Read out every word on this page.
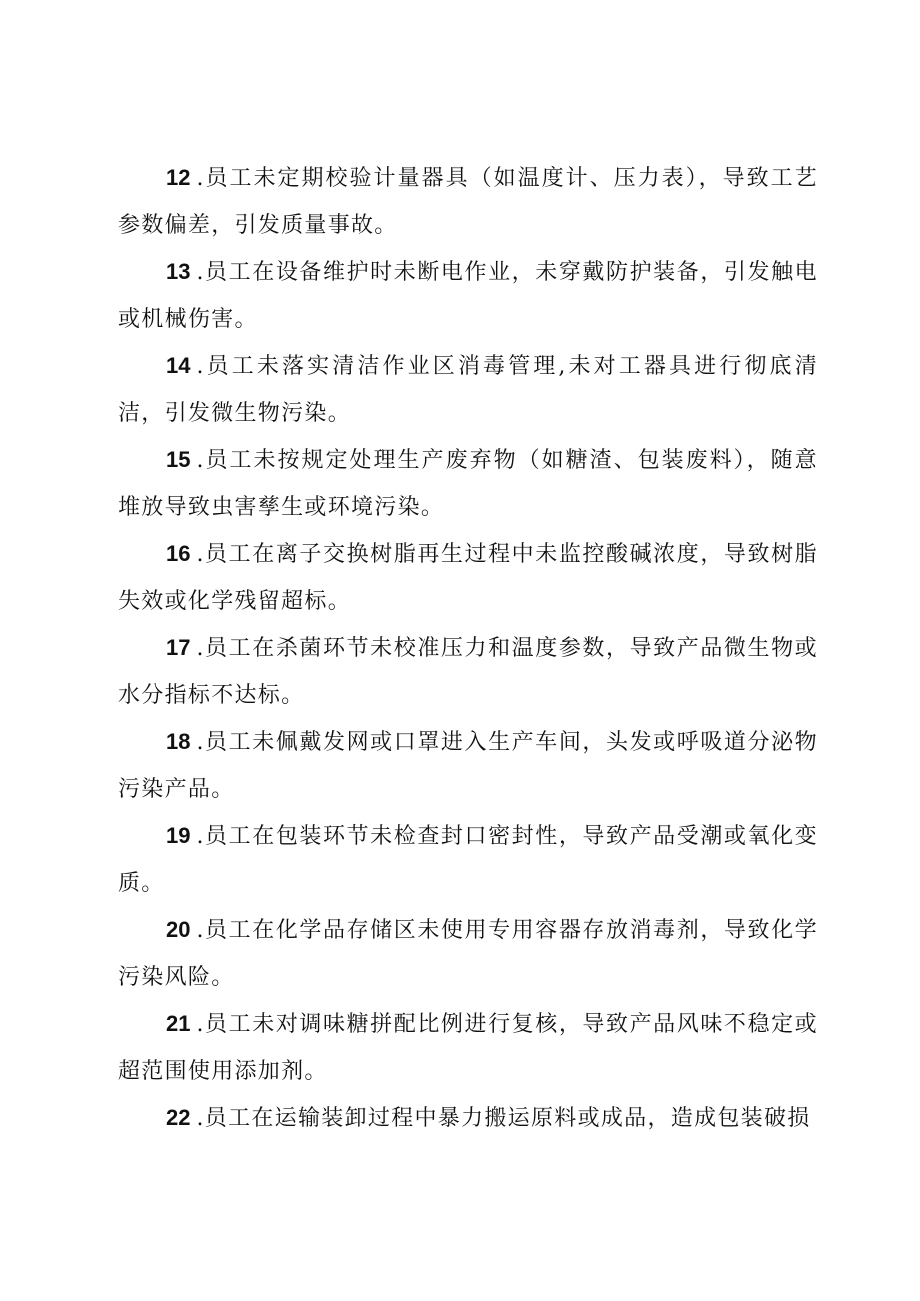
12 .员工未定期校验计量器具（如温度计、压力表），导致工艺参数偏差，引发质量事故。

13 .员工在设备维护时未断电作业，未穿戴防护装备，引发触电或机械伤害。

14 .员工未落实清洁作业区消毒管理,未对工器具进行彻底清洁，引发微生物污染。

15 .员工未按规定处理生产废弃物（如糖渣、包装废料），随意堆放导致虫害孳生或环境污染。

16 .员工在离子交换树脂再生过程中未监控酸碱浓度，导致树脂失效或化学残留超标。

17 .员工在杀菌环节未校准压力和温度参数，导致产品微生物或水分指标不达标。

18 .员工未佩戴发网或口罩进入生产车间，头发或呼吸道分泌物污染产品。

19 .员工在包装环节未检查封口密封性，导致产品受潮或氧化变质。

20 .员工在化学品存储区未使用专用容器存放消毒剂，导致化学污染风险。

21 .员工未对调味糖拼配比例进行复核，导致产品风味不稳定或超范围使用添加剂。

22 .员工在运输装卸过程中暴力搬运原料或成品，造成包装破损
